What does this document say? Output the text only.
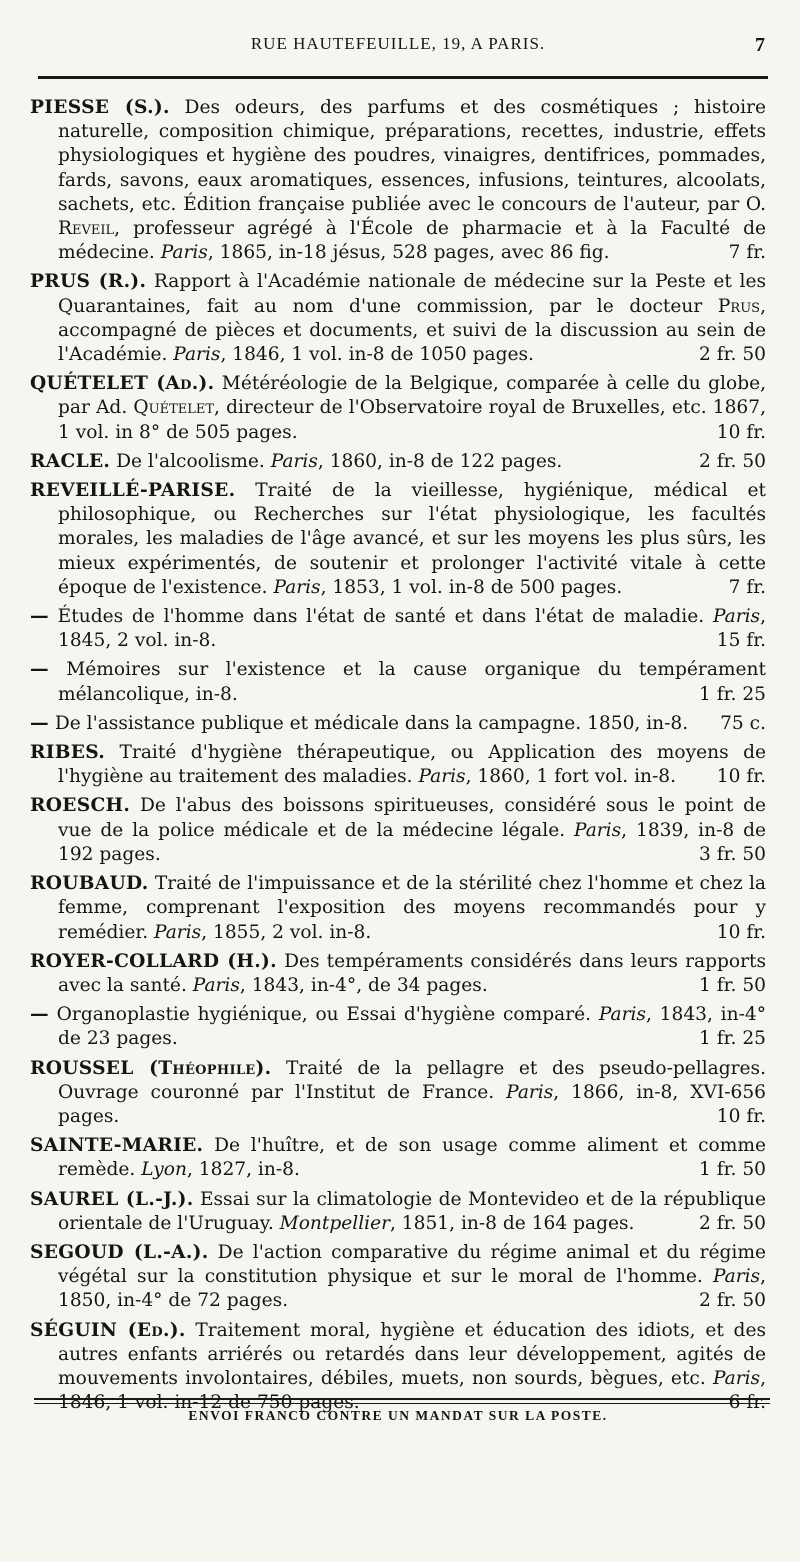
RUE HAUTEFEUILLE, 19, A PARIS.	7

PIESSE (S.). Des odeurs, des parfums et des cosmétiques ; histoire naturelle, composition chimique, préparations, recettes, industrie, effets physiologiques et hygiène des poudres, vinaigres, dentifrices, pommades, fards, savons, eaux aromatiques, essences, infusions, teintures, alcoolats, sachets, etc. Édition française publiée avec le concours de l'auteur, par O. Reveil, professeur agrégé à l'École de pharmacie et à la Faculté de médecine. Paris, 1865, in-18 jésus, 528 pages, avec 86 fig.	7 fr.

PRUS (R.). Rapport à l'Académie nationale de médecine sur la Peste et les Quarantaines, fait au nom d'une commission, par le docteur Prus, accompagné de pièces et documents, et suivi de la discussion au sein de l'Académie. Paris, 1846, 1 vol. in-8 de 1050 pages.	2 fr. 50

QUÉTELET (Ad.). Météréologie de la Belgique, comparée à celle du globe, par Ad. Quételet, directeur de l'Observatoire royal de Bruxelles, etc. 1867, 1 vol. in 8° de 505 pages.	10 fr.

RACLE. De l'alcoolisme. Paris, 1860, in-8 de 122 pages.	2 fr. 50

REVEILLÉ-PARISE. Traité de la vieillesse, hygiénique, médical et philosophique, ou Recherches sur l'état physiologique, les facultés morales, les maladies de l'âge avancé, et sur les moyens les plus sûrs, les mieux expérimentés, de soutenir et prolonger l'activité vitale à cette époque de l'existence. Paris, 1853, 1 vol. in-8 de 500 pages.	7 fr.

— Études de l'homme dans l'état de santé et dans l'état de maladie. Paris, 1845, 2 vol. in-8.	15 fr.

— Mémoires sur l'existence et la cause organique du tempérament mélancolique, in-8.	1 fr. 25

— De l'assistance publique et médicale dans la campagne. 1850, in-8.	75 c.

RIBES. Traité d'hygiène thérapeutique, ou Application des moyens de l'hygiène au traitement des maladies. Paris, 1860, 1 fort vol. in-8.	10 fr.

ROESCH. De l'abus des boissons spiritueuses, considéré sous le point de vue de la police médicale et de la médecine légale. Paris, 1839, in-8 de 192 pages.	3 fr. 50

ROUBAUD. Traité de l'impuissance et de la stérilité chez l'homme et chez la femme, comprenant l'exposition des moyens recommandés pour y remédier. Paris, 1855, 2 vol. in-8.	10 fr.

ROYER-COLLARD (H.). Des tempéraments considérés dans leurs rapports avec la santé. Paris, 1843, in-4°, de 34 pages.	1 fr. 50

— Organoplastie hygiénique, ou Essai d'hygiène comparé. Paris, 1843, in-4° de 23 pages.	1 fr. 25

ROUSSEL (Théophile). Traité de la pellagre et des pseudo-pellagres. Ouvrage couronné par l'Institut de France. Paris, 1866, in-8, XVI-656 pages.	10 fr.

SAINTE-MARIE. De l'huître, et de son usage comme aliment et comme remède. Lyon, 1827, in-8.	1 fr. 50

SAUREL (L.-J.). Essai sur la climatologie de Montevideo et de la république orientale de l'Uruguay. Montpellier, 1851, in-8 de 164 pages.	2 fr. 50

SEGOUD (L.-A.). De l'action comparative du régime animal et du régime végétal sur la constitution physique et sur le moral de l'homme. Paris, 1850, in-4° de 72 pages.	2 fr. 50

SÉGUIN (Ed.). Traitement moral, hygiène et éducation des idiots, et des autres enfants arriérés ou retardés dans leur développement, agités de mouvements involontaires, débiles, muets, non sourds, bègues, etc. Paris, 1846, 1 vol. in-12 de 750 pages.	6 fr.

ENVOI FRANCO CONTRE UN MANDAT SUR LA POSTE.
